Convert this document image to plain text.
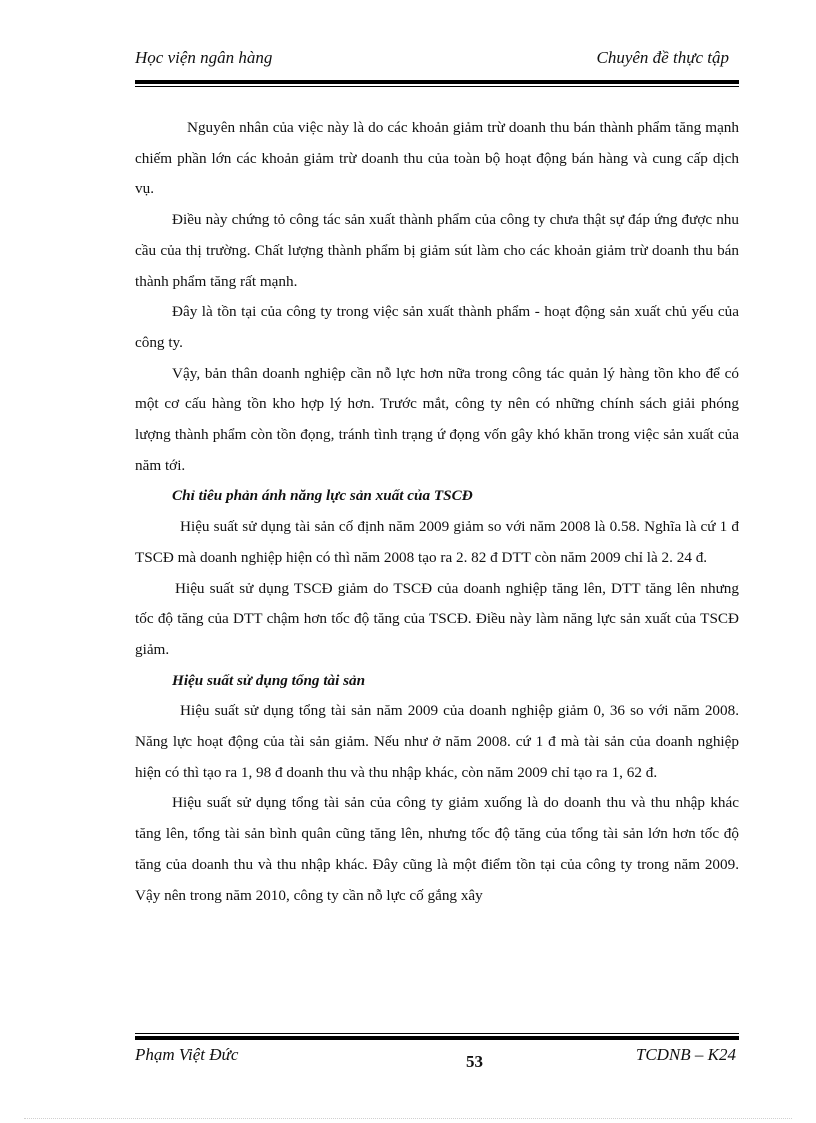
Học viện ngân hàng	Chuyên đề thực tập

Nguyên nhân của việc này là do các khoản giảm trừ doanh thu bán thành phẩm tăng mạnh chiếm phần lớn các khoản giảm trừ doanh thu của toàn bộ hoạt động bán hàng và cung cấp dịch vụ.

Điều này chứng tỏ công tác sản xuất thành phẩm của công ty chưa thật sự đáp ứng được nhu cầu của thị trường. Chất lượng thành phẩm bị giảm sút làm cho các khoản giảm trừ doanh thu bán thành phẩm tăng rất mạnh.

Đây là tồn tại của công ty trong việc sản xuất thành phẩm - hoạt động sản xuất chủ yếu của công ty.

Vậy, bản thân doanh nghiệp cần nỗ lực hơn nữa trong công tác quản lý hàng tồn kho để có một cơ cấu hàng tồn kho hợp lý hơn. Trước mắt, công ty nên có những chính sách giải phóng lượng thành phẩm còn tồn đọng, tránh tình trạng ứ đọng vốn gây khó khăn trong việc sản xuất của năm tới.

Chỉ tiêu phản ánh năng lực sản xuất của TSCĐ

Hiệu suất sử dụng tài sản cố định năm 2009 giảm so với năm 2008 là 0.58. Nghĩa là cứ 1 đ TSCĐ mà doanh nghiệp hiện có thì năm 2008 tạo ra 2. 82 đ DTT còn năm 2009 chỉ là 2. 24 đ.

Hiệu suất sử dụng TSCĐ giảm do TSCĐ của doanh nghiệp tăng lên, DTT tăng lên nhưng tốc độ tăng của DTT chậm hơn tốc độ tăng của TSCĐ. Điều này làm năng lực sản xuất của TSCĐ giảm.

Hiệu suất sử dụng tổng tài sản

Hiệu suất sử dụng tổng tài sản năm 2009 của doanh nghiệp giảm 0, 36 so với năm 2008. Năng lực hoạt động của tài sản giảm. Nếu như ở năm 2008. cứ 1 đ mà tài sản của doanh nghiệp hiện có thì tạo ra 1, 98 đ doanh thu và thu nhập khác, còn năm 2009 chỉ tạo ra 1, 62 đ.

Hiệu suất sử dụng tổng tài sản của công ty giảm xuống là do doanh thu và thu nhập khác tăng lên, tổng tài sản bình quân cũng tăng lên, nhưng tốc độ tăng của tổng tài sản lớn hơn tốc độ tăng của doanh thu và thu nhập khác. Đây cũng là một điểm tồn tại của công ty trong năm 2009. Vậy nên trong năm 2010, công ty cần nỗ lực cố gắng xây

Phạm Việt Đức	53	TCDNB – K24
